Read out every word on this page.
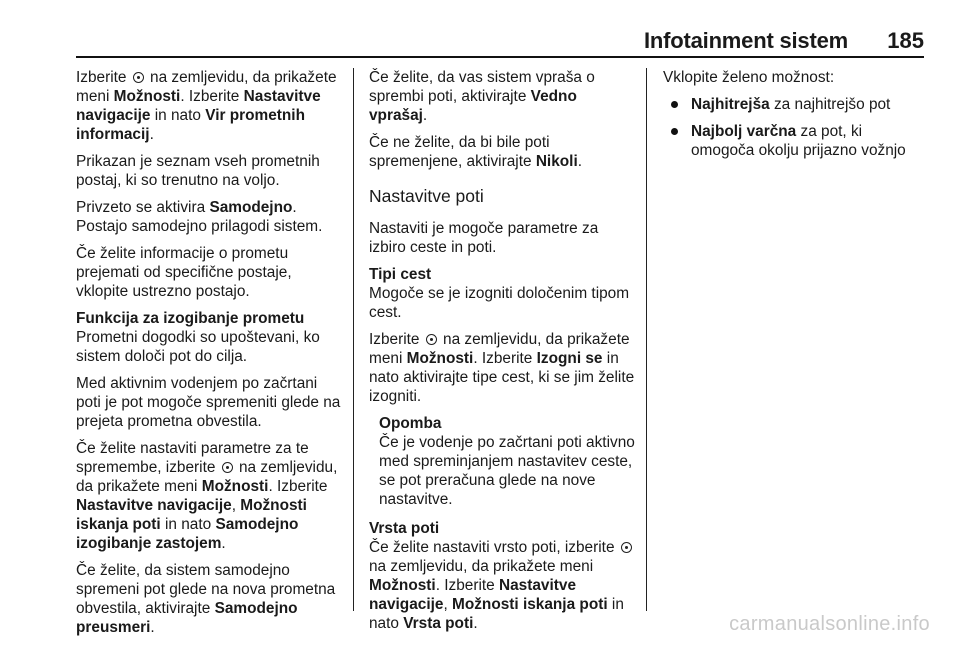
Infotainment sistem 185

Izberite  na zemljevidu, da prikažete meni Možnosti. Izberite Nastavitve navigacije in nato Vir prometnih informacij.

Prikazan je seznam vseh prometnih postaj, ki so trenutno na voljo.

Privzeto se aktivira Samodejno. Postajo samodejno prilagodi sistem.

Če želite informacije o prometu prejemati od specifične postaje, vklopite ustrezno postajo.

Funkcija za izogibanje prometu

Prometni dogodki so upoštevani, ko sistem določi pot do cilja.

Med aktivnim vodenjem po začrtani poti je pot mogoče spremeniti glede na prejeta prometna obvestila.

Če želite nastaviti parametre za te spremembe, izberite  na zemljevidu, da prikažete meni Možnosti. Izberite Nastavitve navigacije, Možnosti iskanja poti in nato Samodejno izogibanje zastojem.

Če želite, da sistem samodejno spremeni pot glede na nova prometna obvestila, aktivirajte Samodejno preusmeri.

Če želite, da vas sistem vpraša o sprembi poti, aktivirajte Vedno vprašaj.

Če ne želite, da bi bile poti spremenjene, aktivirajte Nikoli.

Nastavitve poti

Nastaviti je mogoče parametre za izbiro ceste in poti.

Tipi cest

Mogoče se je izogniti določenim tipom cest.

Izberite  na zemljevidu, da prikažete meni Možnosti. Izberite Izogni se in nato aktivirajte tipe cest, ki se jim želite izogniti.

Opomba

Če je vodenje po začrtani poti aktivno med spreminjanjem nastavitev ceste, se pot preračuna glede na nove nastavitve.

Vrsta poti

Če želite nastaviti vrsto poti, izberite  na zemljevidu, da prikažete meni Možnosti. Izberite Nastavitve navigacije, Možnosti iskanja poti in nato Vrsta poti.

Vklopite želeno možnost:

Najhitrejša za najhitrejšo pot
Najbolj varčna za pot, ki omogoča okolju prijazno vožnjo
carmanualsonline.info
